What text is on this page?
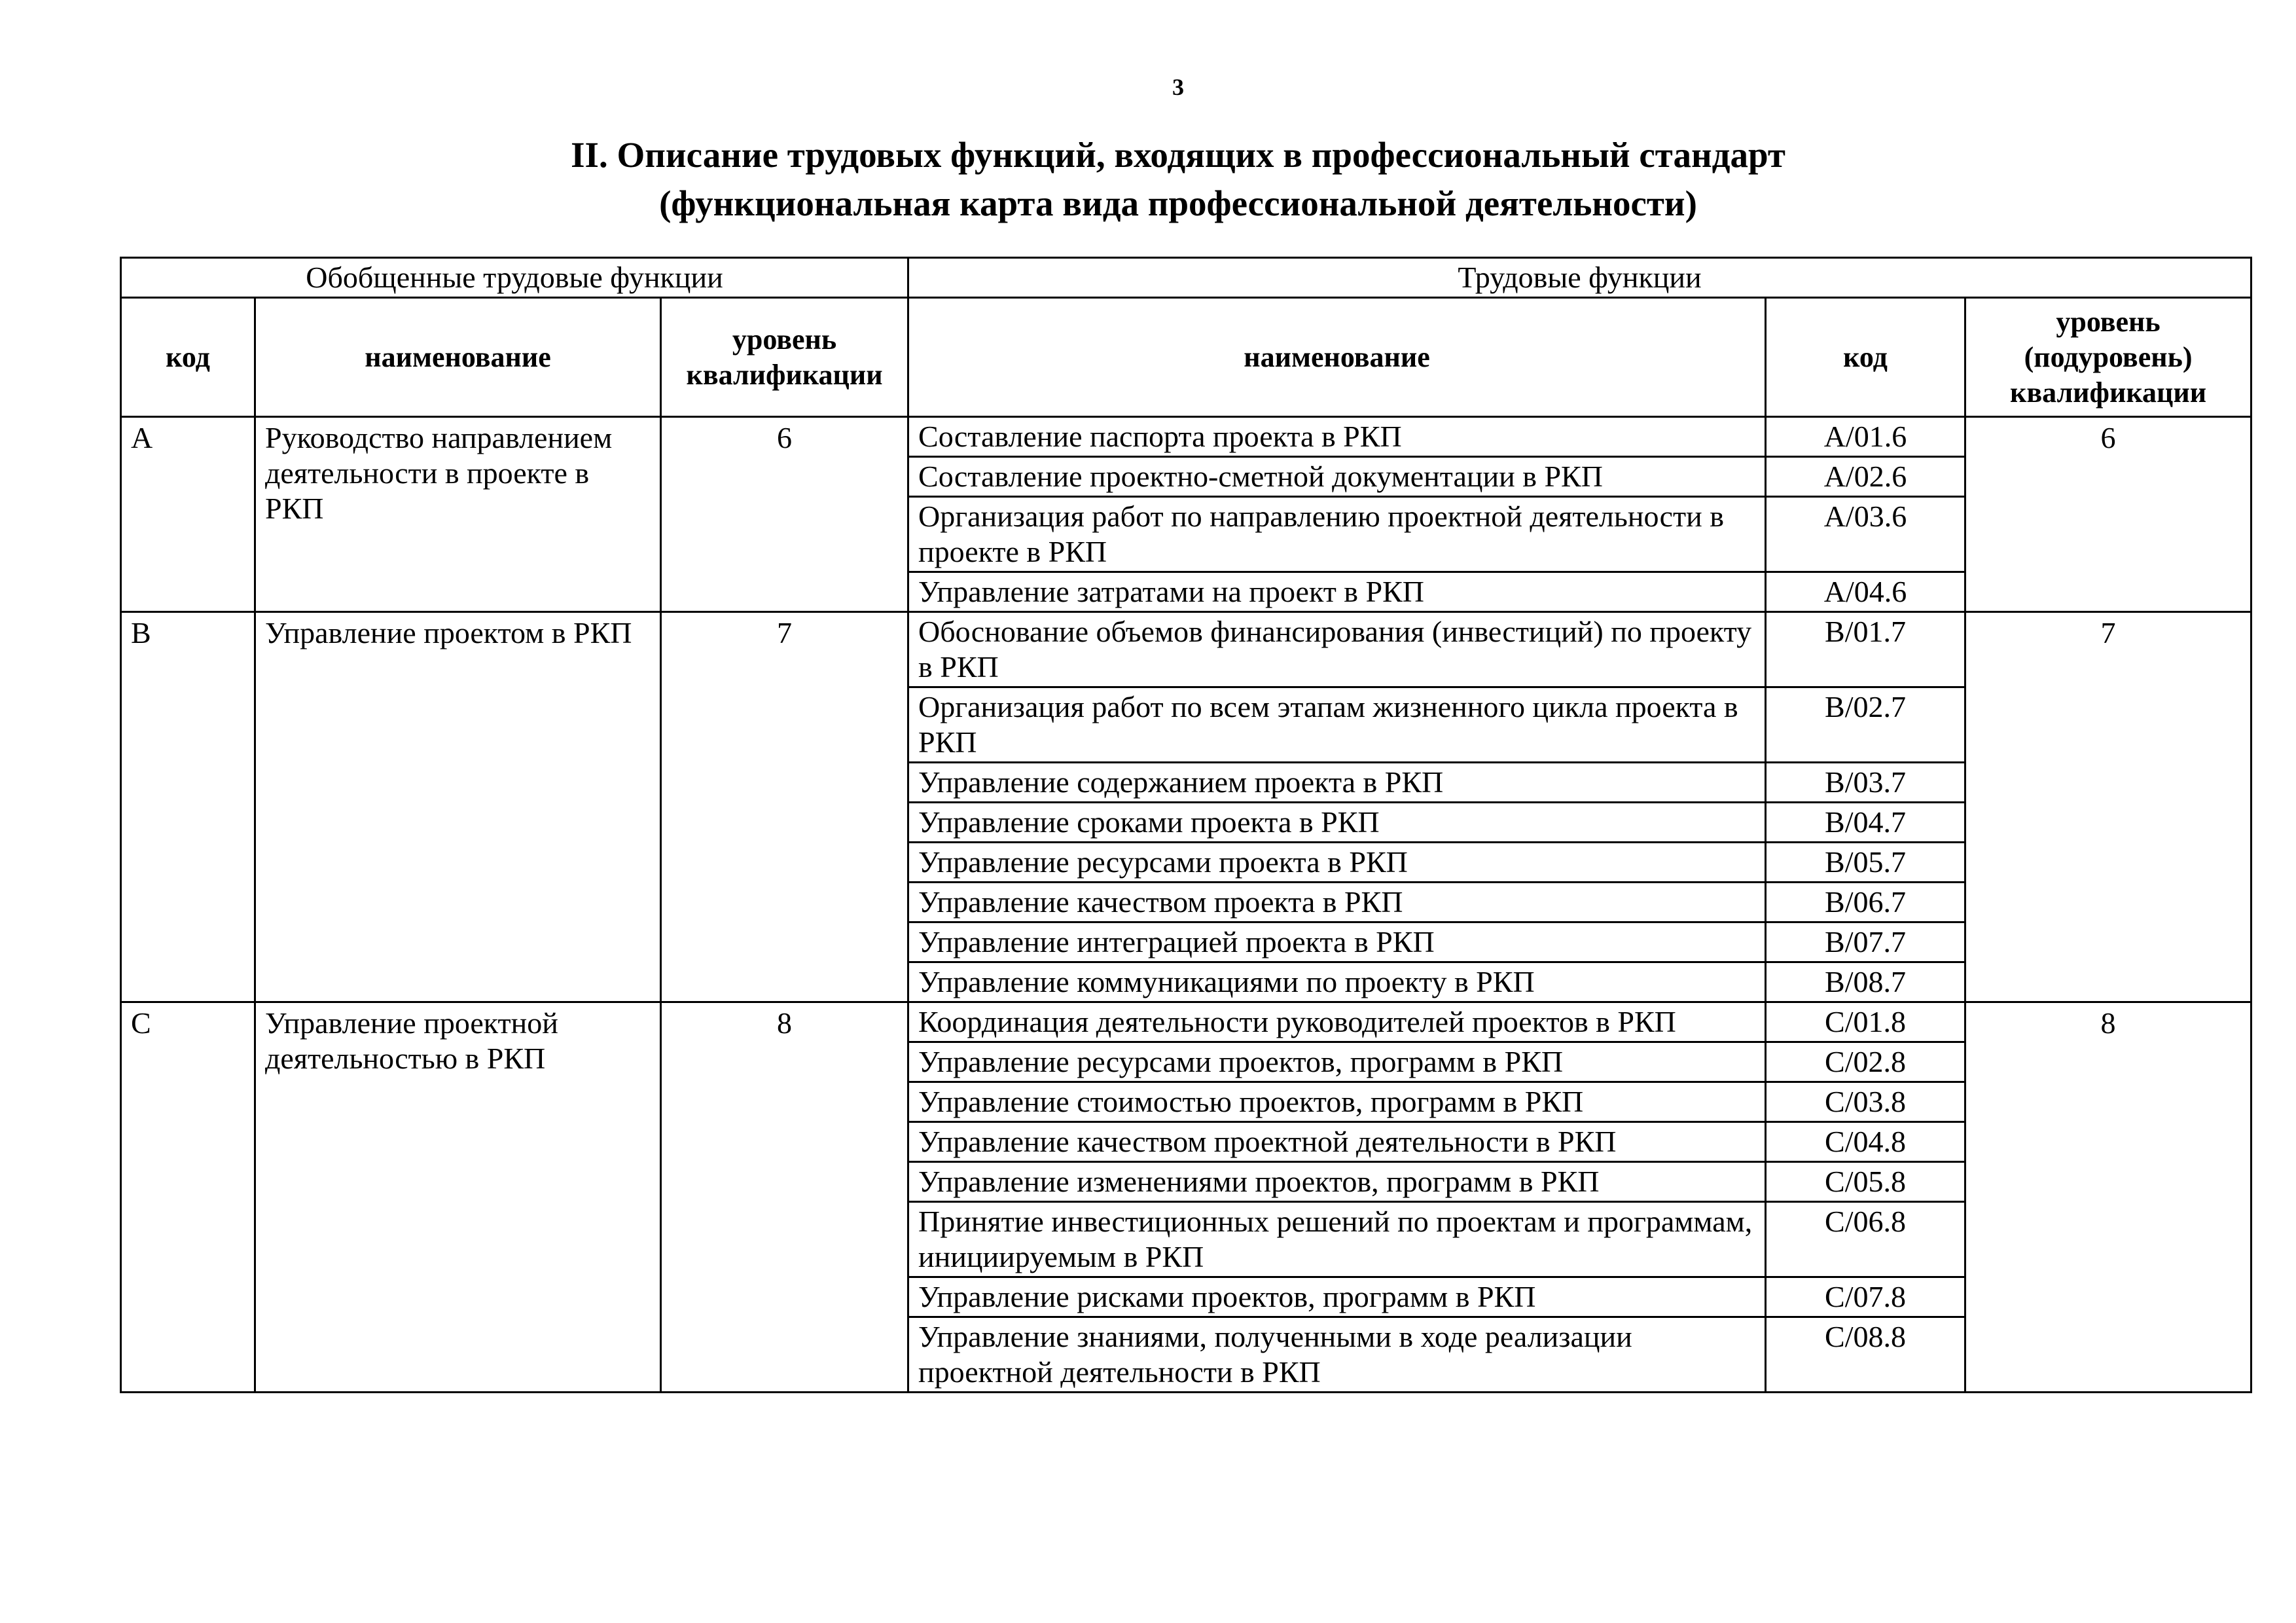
3
II. Описание трудовых функций, входящих в профессиональный стандарт
(функциональная карта вида профессиональной деятельности)
Обобщенные трудовые функции			Трудовые функции		
код	наименование	уровень квалификации	наименование	код	уровень (подуровень) квалификации
A	Руководство направлением деятельности в проекте в РКП	6	Составление паспорта проекта в РКП	A/01.6	6
			Составление проектно-сметной документации в РКП	A/02.6	
			Организация работ по направлению проектной деятельности в проекте в РКП	A/03.6	
			Управление затратами на проект в РКП	A/04.6	
B	Управление проектом в РКП	7	Обоснование объемов финансирования (инвестиций) по проекту в РКП	B/01.7	7
			Организация работ по всем этапам жизненного цикла проекта в РКП	B/02.7	
			Управление содержанием проекта в РКП	B/03.7	
			Управление сроками проекта в РКП	B/04.7	
			Управление ресурсами проекта в РКП	B/05.7	
			Управление качеством проекта в РКП	B/06.7	
			Управление интеграцией проекта в РКП	B/07.7	
			Управление коммуникациями по проекту в РКП	B/08.7	
C	Управление проектной деятельностью в РКП	8	Координация деятельности руководителей проектов в РКП	C/01.8	8
			Управление ресурсами проектов, программ в РКП	C/02.8	
			Управление стоимостью проектов, программ в РКП	C/03.8	
			Управление качеством проектной деятельности в РКП	C/04.8	
			Управление изменениями проектов, программ в РКП	C/05.8	
			Принятие инвестиционных решений по проектам и программам, инициируемым в РКП	C/06.8	
			Управление рисками проектов, программ в РКП	C/07.8	
			Управление знаниями, полученными в ходе реализации проектной деятельности в РКП	C/08.8	
